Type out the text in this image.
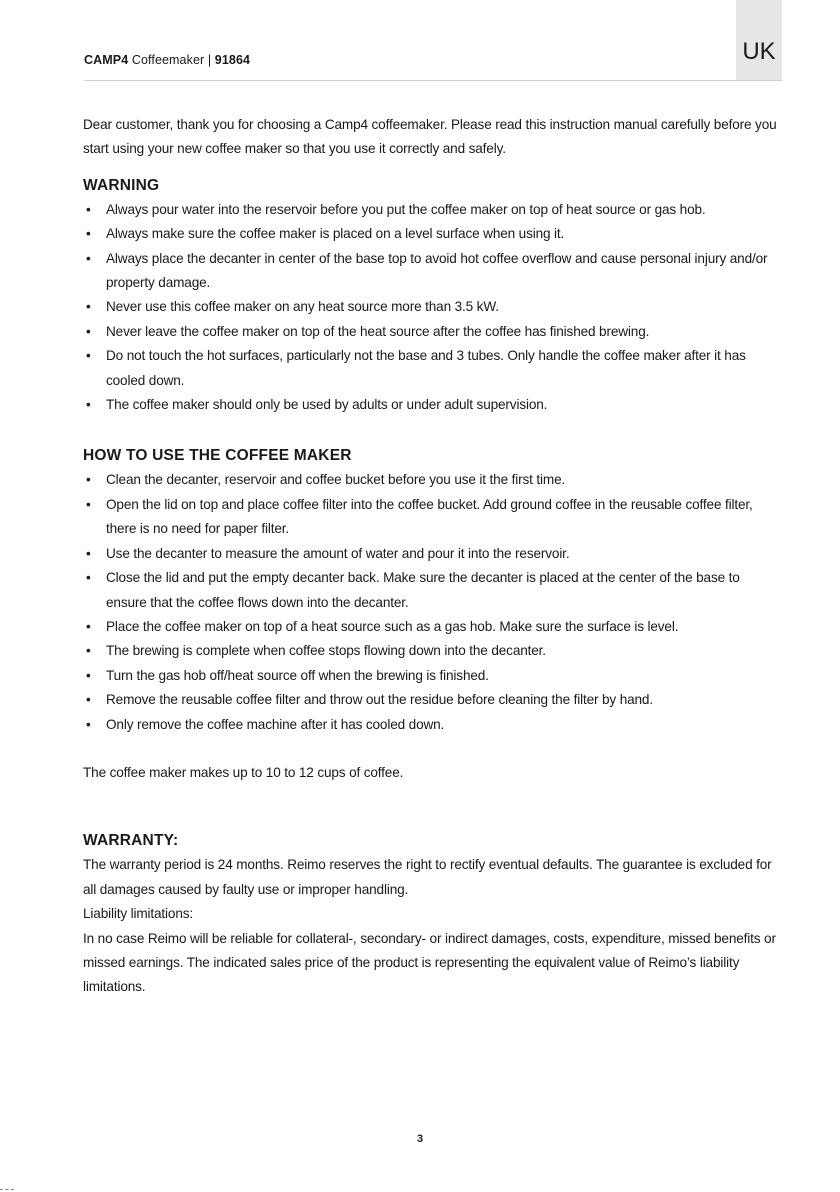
CAMP4 Coffeemaker | 91864	UK

Dear customer, thank you for choosing a Camp4 coffeemaker. Please read this instruction manual carefully before you start using your new coffee maker so that you use it correctly and safely.

WARNING
• Always pour water into the reservoir before you put the coffee maker on top of heat source or gas hob.
• Always make sure the coffee maker is placed on a level surface when using it.
• Always place the decanter in center of the base top to avoid hot coffee overflow and cause personal injury and/or property damage.
• Never use this coffee maker on any heat source more than 3.5 kW.
• Never leave the coffee maker on top of the heat source after the coffee has finished brewing.
• Do not touch the hot surfaces, particularly not the base and 3 tubes. Only handle the coffee maker after it has cooled down.
• The coffee maker should only be used by adults or under adult supervision.
HOW TO USE THE COFFEE MAKER
• Clean the decanter, reservoir and coffee bucket before you use it the first time.
• Open the lid on top and place coffee filter into the coffee bucket. Add ground coffee in the reusable coffee filter, there is no need for paper filter.
• Use the decanter to measure the amount of water and pour it into the reservoir.
• Close the lid and put the empty decanter back. Make sure the decanter is placed at the center of the base to ensure that the coffee flows down into the decanter.
• Place the coffee maker on top of a heat source such as a gas hob. Make sure the surface is level.
• The brewing is complete when coffee stops flowing down into the decanter.
• Turn the gas hob off/heat source off when the brewing is finished.
• Remove the reusable coffee filter and throw out the residue before cleaning the filter by hand.
• Only remove the coffee machine after it has cooled down.

The coffee maker makes up to 10 to 12 cups of coffee.

WARRANTY:

The warranty period is 24 months. Reimo reserves the right to rectify eventual defaults. The guarantee is excluded for all damages caused by faulty use or improper handling.

Liability limitations:

In no case Reimo will be reliable for collateral-, secondary- or indirect damages, costs, expenditure, missed benefits or missed earnings. The indicated sales price of the product is representing the equivalent value of Reimo’s liability limitations.

3
